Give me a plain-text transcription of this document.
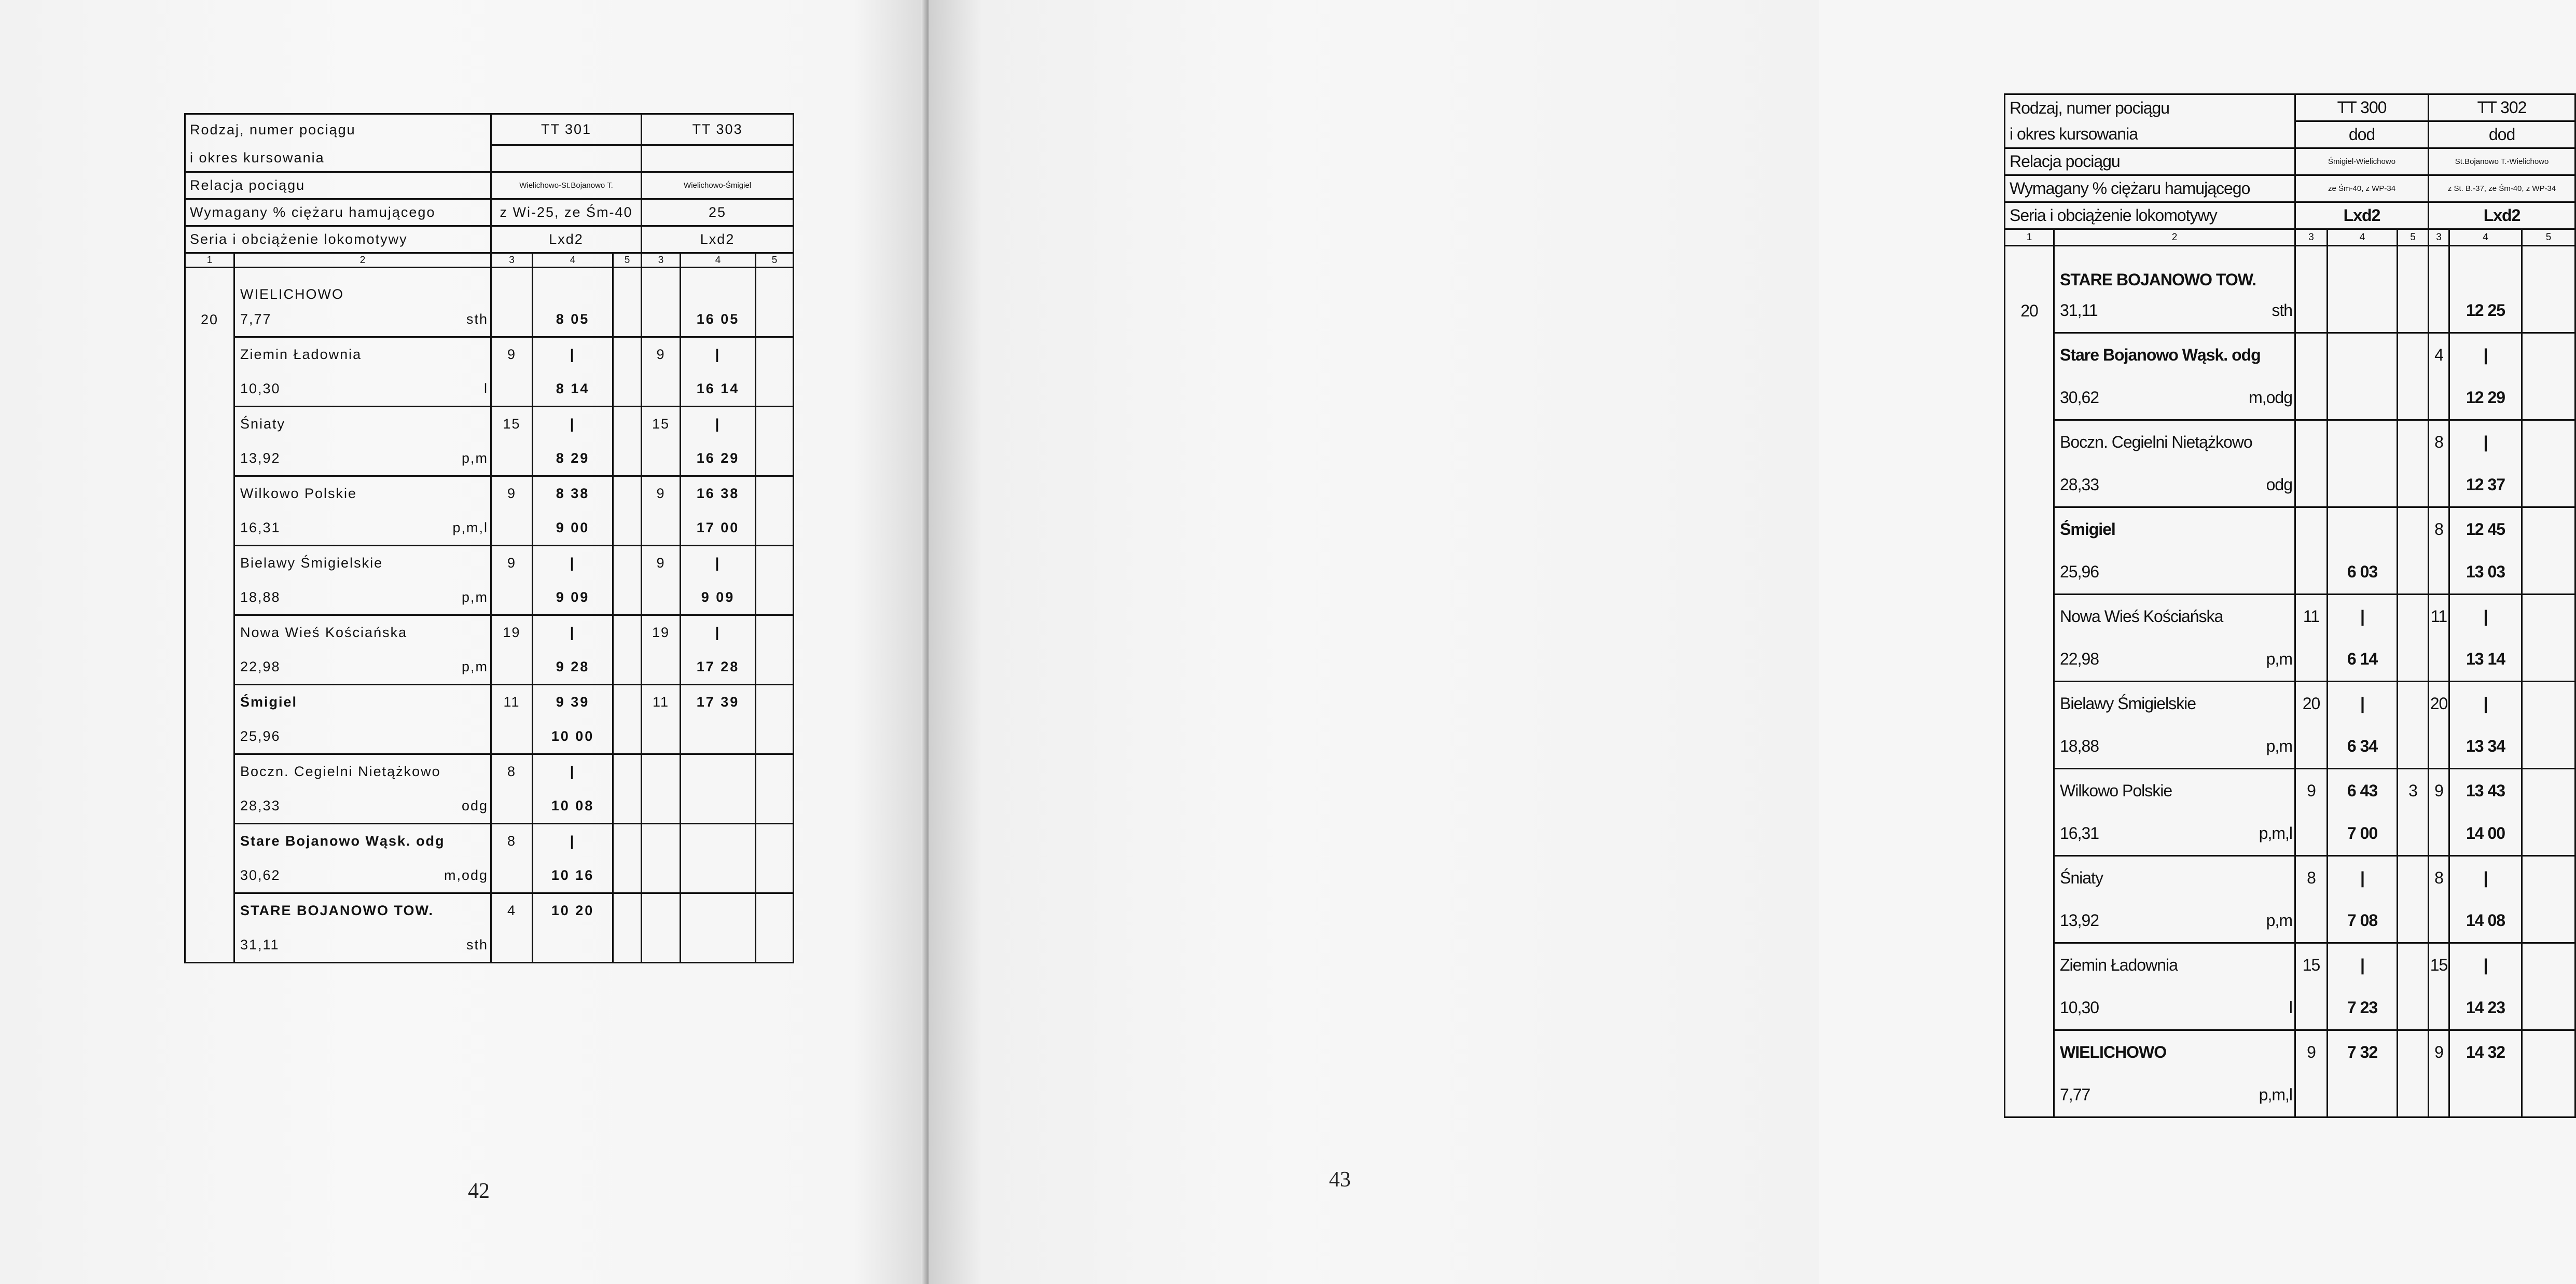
Rodzaj, numer pociągu		TT 301			TT 303		
i okres kursowania							
Relacja pociągu		Wielichowo-St.Bojanowo T.			Wielichowo-Śmigiel		
Wymagany % ciężaru hamującego		z Wi-25, ze Śm-40			25		
Seria i obciążenie lokomotywy		Lxd2			Lxd2		
1	2	3	4	5	3	4	5
	WIELICHOWO						
20	7,77 sth		8 05			16 05	
	Ziemin Ładownia	9	|		9	|	

	10,30 l		8 14			16 14	
	Śniaty	15	|		15	|	

	13,92 p,m		8 29			16 29	
	Wilkowo Polskie	9	8 38		9	16 38	

	16,31 p,m,l		9 00			17 00	
	Bielawy Śmigielskie	9	|		9	|	

	18,88 p,m		9 09			9 09	
	Nowa Wieś Kościańska	19	|		19	|	

	22,98 p,m		9 28			17 28	
	Śmigiel	11	9 39		11	17 39	

	25,96		10 00				
	Boczn. Cegielni Nietążkowo	8	|				

	28,33 odg		10 08				
	Stare Bojanowo Wąsk. odg	8	|				

	30,62 m,odg		10 16				
	STARE BOJANOWO TOW.	4	10 20				

	31,11 sth						

42
Rodzaj, numer pociągu		TT 300			TT 302		
i okres kursowania		dod			dod		
Relacja pociągu		Śmigiel-Wielichowo			St.Bojanowo T.-Wielichowo		
Wymagany % ciężaru hamującego		ze Śm-40, z WP-34			z St. B.-37, ze Śm-40, z WP-34		
Seria i obciążenie lokomotywy		Lxd2			Lxd2		
1	2	3	4	5	3	4	5
	STARE BOJANOWO TOW.						
20	31,11 sth					12 25	
	Stare Bojanowo Wąsk. odg				4	|	

	30,62 m,odg					12 29	
	Boczn. Cegielni Nietążkowo				8	|	

	28,33 odg					12 37	
	Śmigiel				8	12 45	

	25,96		6 03			13 03	
	Nowa Wieś Kościańska	11	|		11	|	

	22,98 p,m		6 14			13 14	
	Bielawy Śmigielskie	20	|		20	|	

	18,88 p,m		6 34			13 34	
	Wilkowo Polskie	9	6 43	3	9	13 43	

	16,31 p,m,l		7 00			14 00	
	Śniaty	8	|		8	|	

	13,92 p,m		7 08			14 08	
	Ziemin Ładownia	15	|		15	|	

	10,30 l		7 23			14 23	
	WIELICHOWO	9	7 32		9	14 32	

	7,77 p,m,l						

43
